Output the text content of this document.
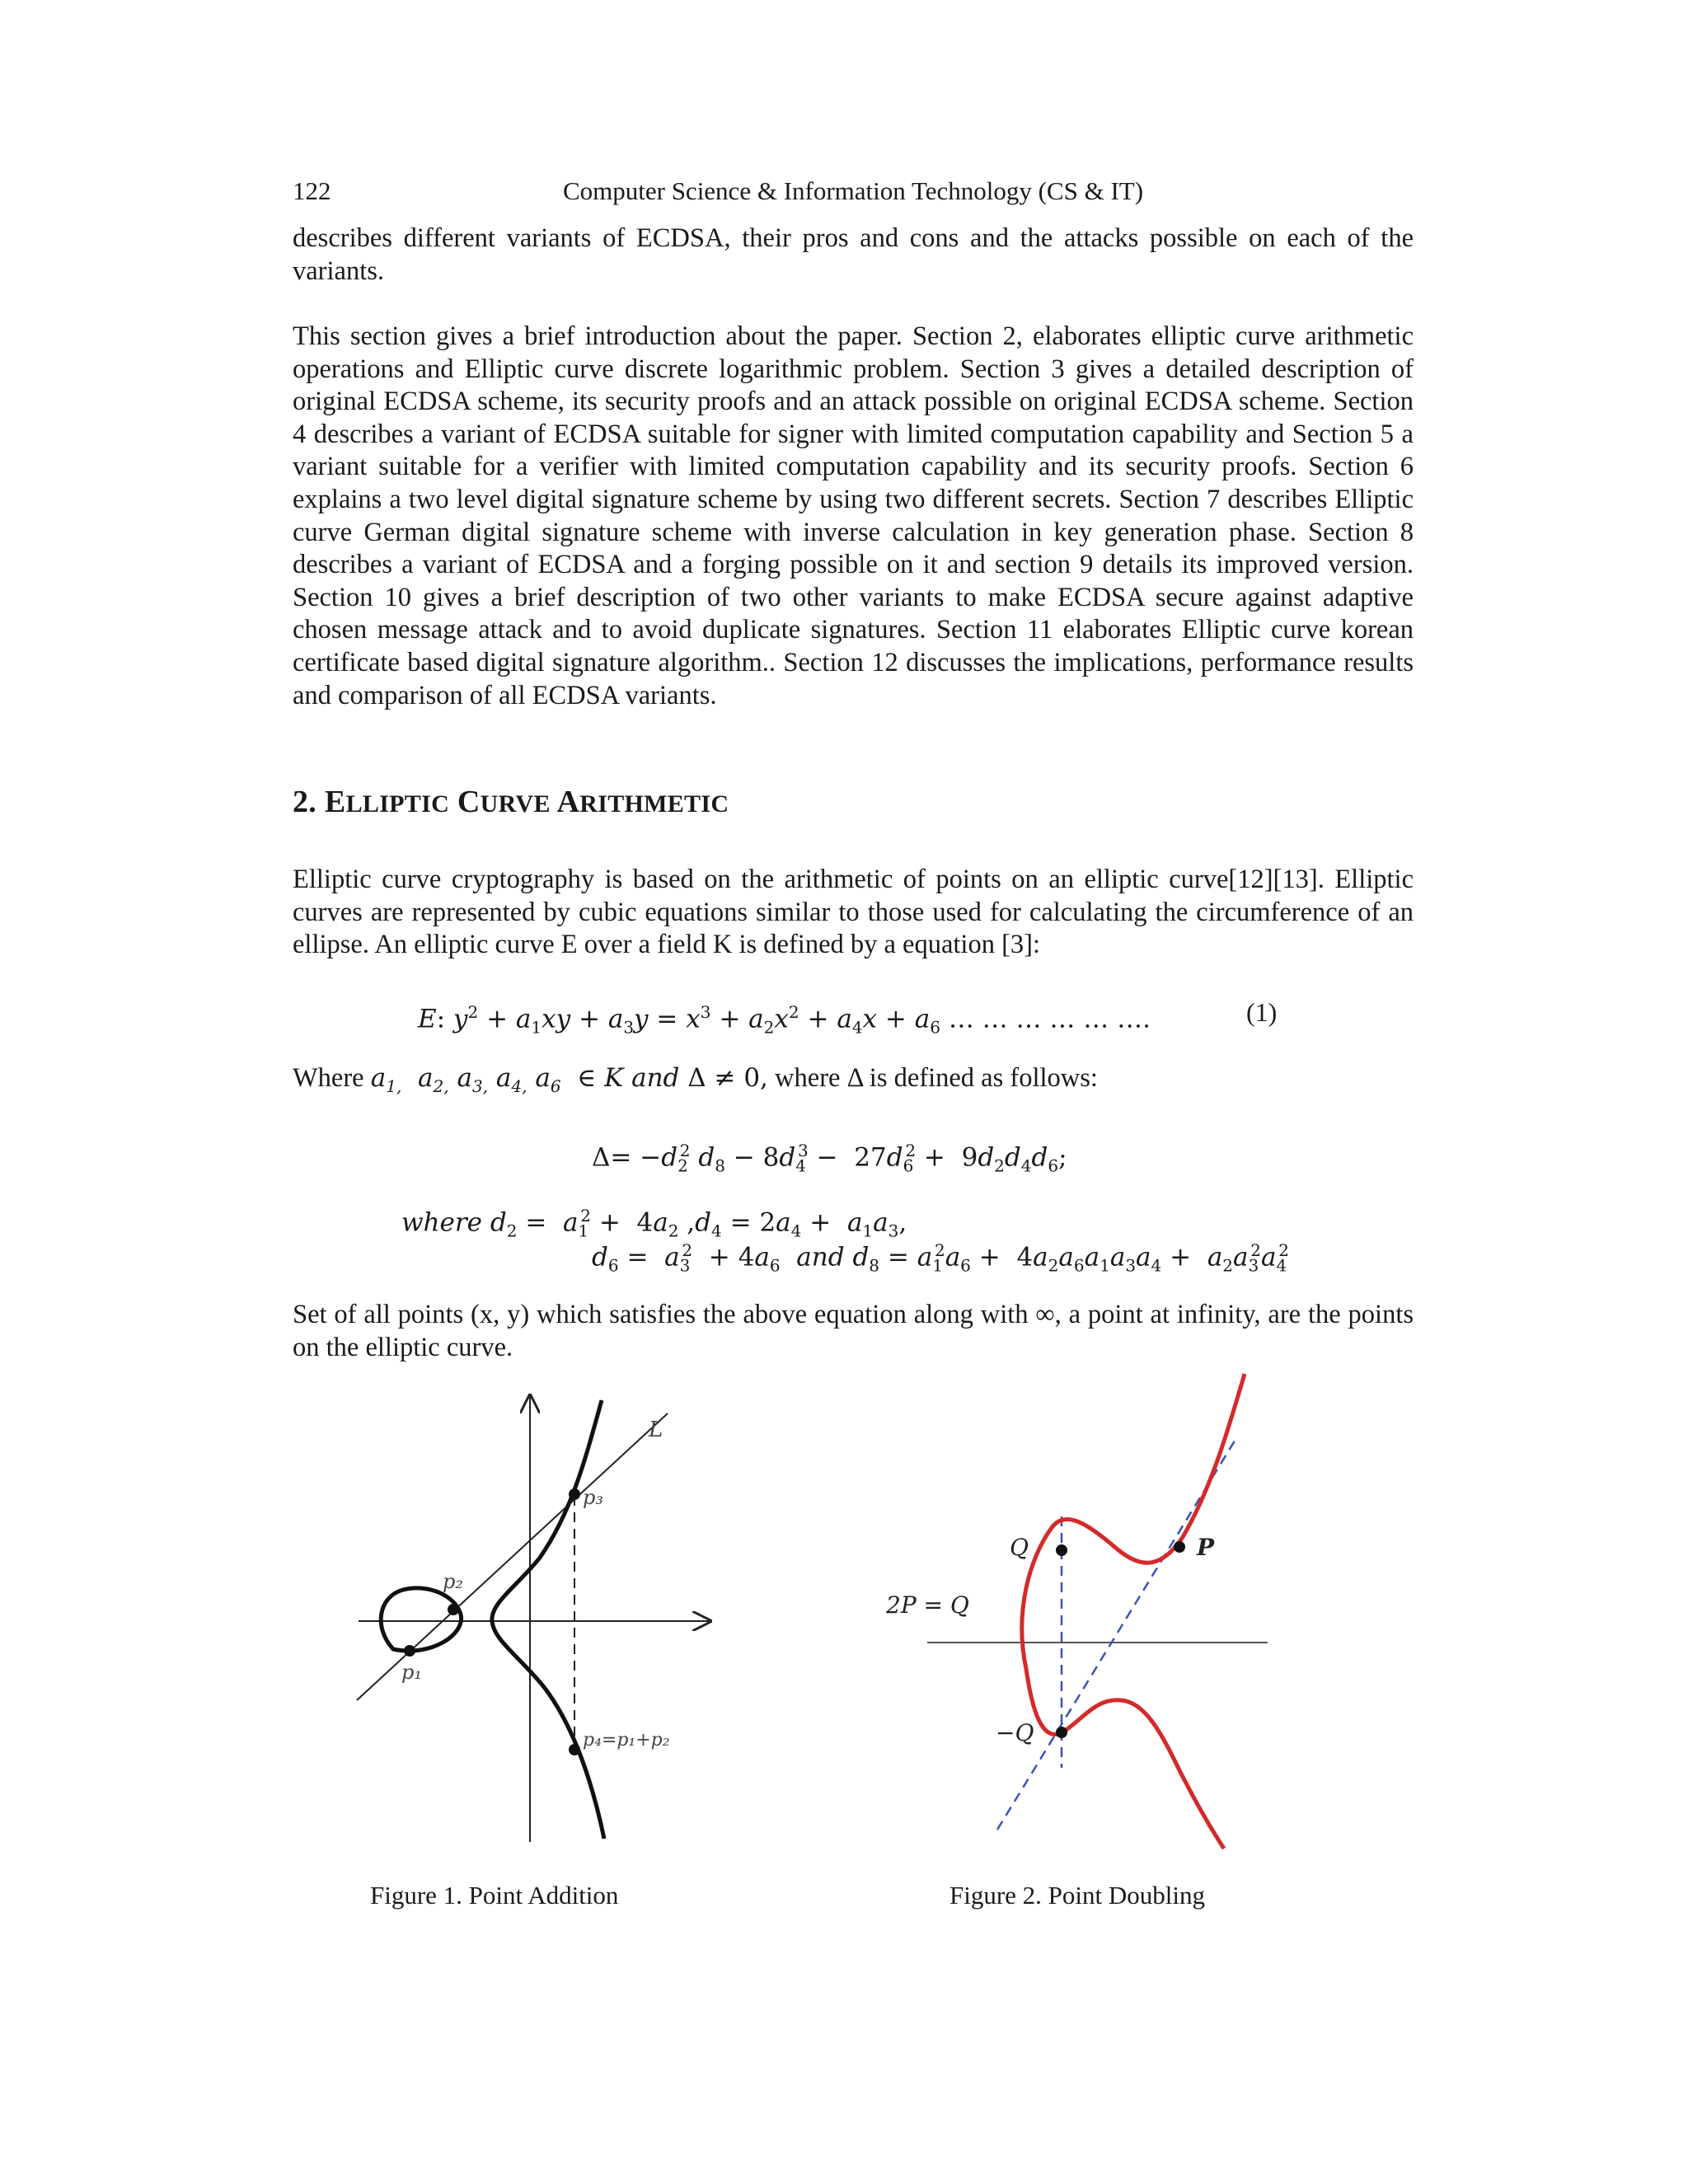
122	Computer Science & Information Technology (CS & IT)

describes different variants of ECDSA, their pros and cons and the attacks possible on each of the variants.

This section gives a brief introduction about the paper. Section 2, elaborates elliptic curve arithmetic operations and Elliptic curve discrete logarithmic problem. Section 3 gives a detailed description of original ECDSA scheme, its security proofs and an attack possible on original ECDSA scheme. Section 4 describes a variant of ECDSA suitable for signer with limited computation capability and Section 5 a variant suitable for a verifier with limited computation capability and its security proofs. Section 6 explains a two level digital signature scheme by using two different secrets. Section 7 describes Elliptic curve German digital signature scheme with inverse calculation in key generation phase. Section 8 describes a variant of ECDSA and a forging possible on it and section 9 details its improved version. Section 10 gives a brief description of two other variants to make ECDSA secure against adaptive chosen message attack and to avoid duplicate signatures. Section 11 elaborates Elliptic curve korean certificate based digital signature algorithm.. Section 12 discusses the implications, performance results and comparison of all ECDSA variants.

2. ELLIPTIC CURVE ARITHMETIC

Elliptic curve cryptography is based on the arithmetic of points on an elliptic curve[12][13]. Elliptic curves are represented by cubic equations similar to those used for calculating the circumference of an ellipse. An elliptic curve E over a field K is defined by a equation [3]:

E: $y^2 + a_1xy + a_3y = x^3 + a_2x^2 + a_4x + a_6$ … … … … … ….	(1)
Where $a_{1,}$  $a_{2,}$ $a_{3,}$ $a_{4,}$ $a_6$ ∈ K and Δ ≠ 0, where Δ is defined as follows:
$\Delta= -d_2^2$ $d_8 - 8d_4^3 - 27d_6^2 + 9d_2d_4d_6$;
where $d_2 = a_1^2 + 4a_2$ $,d_4 = 2a_4 + a_1a_3$,
$d_6 = a_3^2 + 4a_6$ and $d_8 = a_1^2a_6 + 4a_2a_6a_1a_3a_4 + a_2a_3^2a_4^2$

Set of all points (x, y) which satisfies the above equation along with ∞, a point at infinity, are the points on the elliptic curve.

L
p₁
p₂
p₃
p₄=p₁+p₂
Q	P
2P = Q
−Q
Figure 1. Point Addition	Figure 2. Point Doubling
